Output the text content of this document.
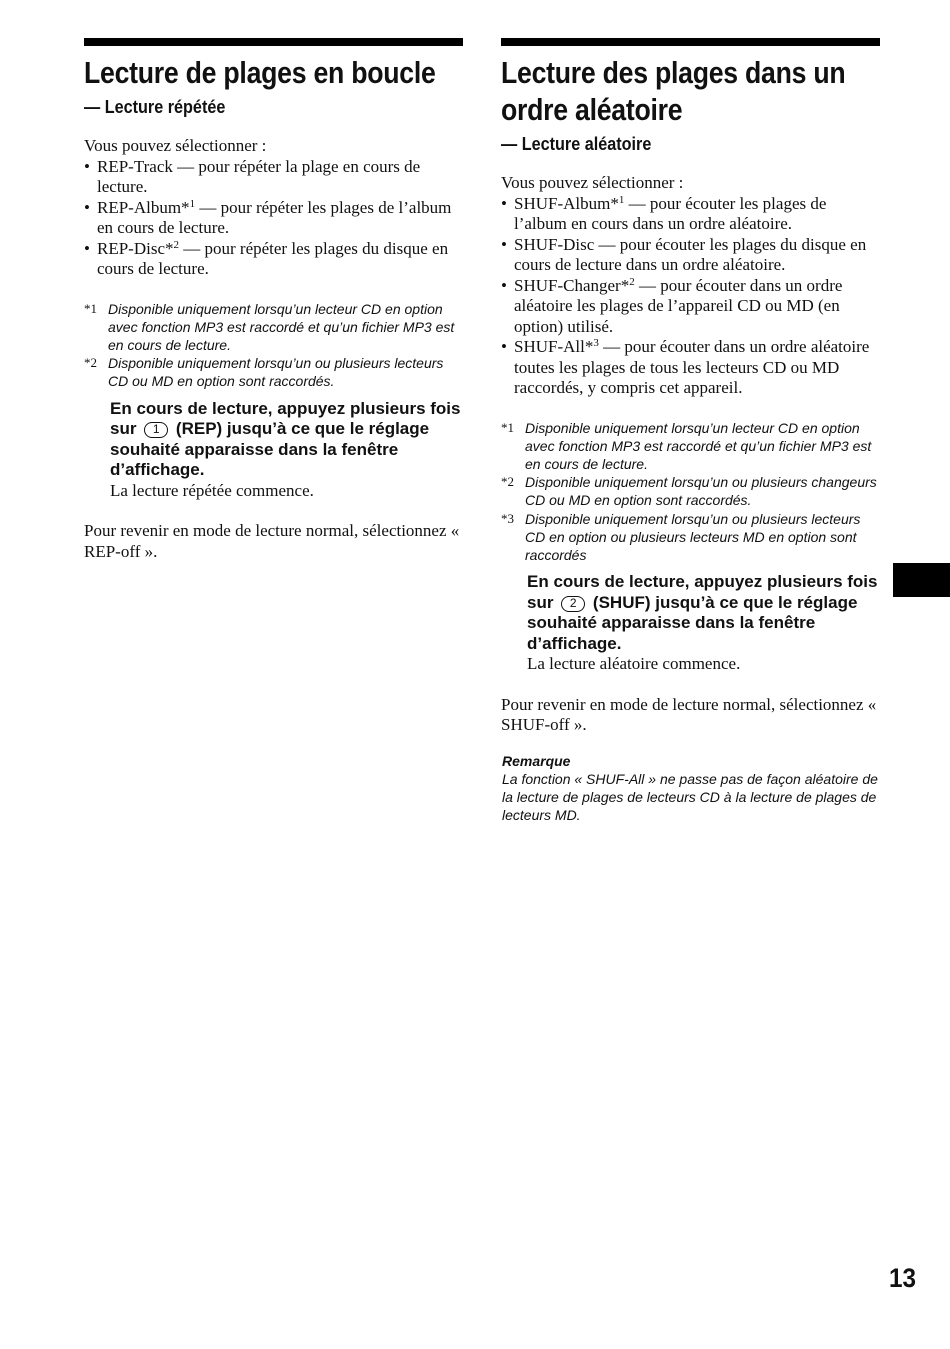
Lecture de plages en boucle
— Lecture répétée

Vous pouvez sélectionner :

• REP-Track — pour répéter la plage en cours de lecture.
• REP-Album*$^1$ — pour répéter les plages de l’album en cours de lecture.
• REP-Disc*$^2$ — pour répéter les plages du disque en cours de lecture.
*1 Disponible uniquement lorsqu’un lecteur CD en option avec fonction MP3 est raccordé et qu’un fichier MP3 est en cours de lecture.
*2 Disponible uniquement lorsqu’un ou plusieurs lecteurs CD ou MD en option sont raccordés.
En cours de lecture, appuyez plusieurs fois sur 1 (REP) jusqu’à ce que le réglage souhaité apparaisse dans la fenêtre d’affichage.
La lecture répétée commence.

Pour revenir en mode de lecture normal, sélectionnez « REP-off ».

Lecture des plages dans un ordre aléatoire
— Lecture aléatoire

Vous pouvez sélectionner :

• SHUF-Album*$^1$ — pour écouter les plages de l’album en cours dans un ordre aléatoire.
• SHUF-Disc — pour écouter les plages du disque en cours de lecture dans un ordre aléatoire.
• SHUF-Changer*$^2$ — pour écouter dans un ordre aléatoire les plages de l’appareil CD ou MD (en option) utilisé.
• SHUF-All*$^3$ — pour écouter dans un ordre aléatoire toutes les plages de tous les lecteurs CD ou MD raccordés, y compris cet appareil.
*1 Disponible uniquement lorsqu’un lecteur CD en option avec fonction MP3 est raccordé et qu’un fichier MP3 est en cours de lecture.
*2 Disponible uniquement lorsqu’un ou plusieurs changeurs CD ou MD en option sont raccordés.
*3 Disponible uniquement lorsqu’un ou plusieurs lecteurs CD en option ou plusieurs lecteurs MD en option sont raccordés
En cours de lecture, appuyez plusieurs fois sur 2 (SHUF) jusqu’à ce que le réglage souhaité apparaisse dans la fenêtre d’affichage.
La lecture aléatoire commence.

Pour revenir en mode de lecture normal, sélectionnez « SHUF-off ».

Remarque
La fonction « SHUF-All » ne passe pas de façon aléatoire de la lecture de plages de lecteurs CD à la lecture de plages de lecteurs MD.
13
